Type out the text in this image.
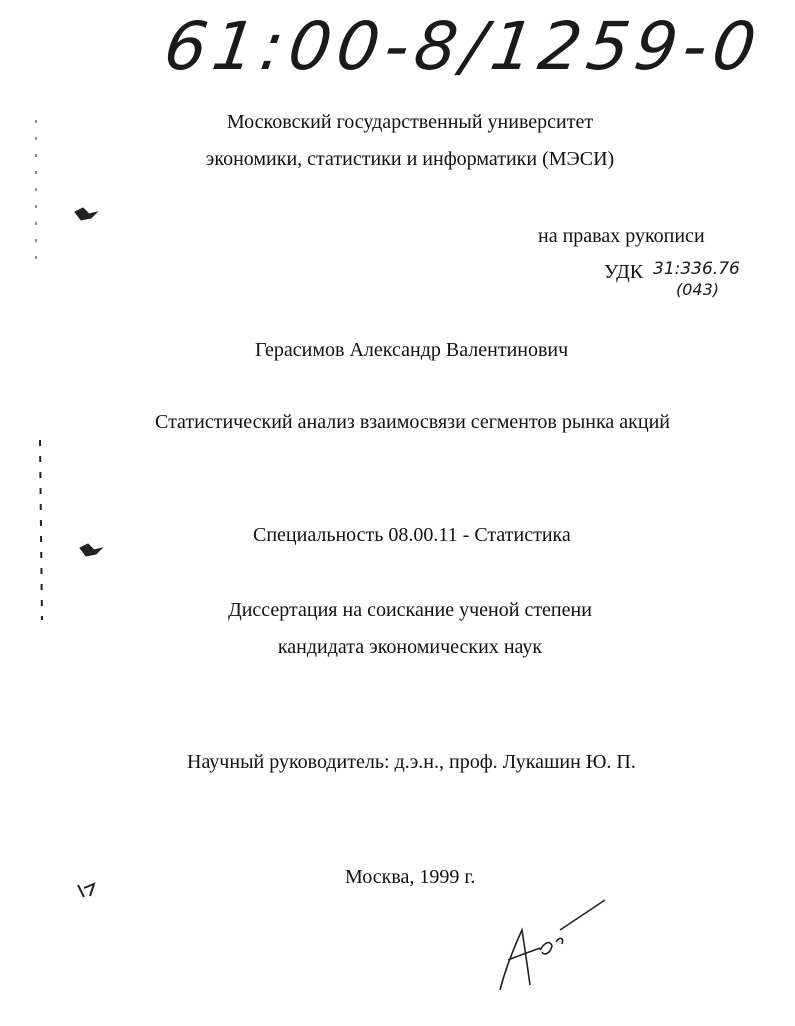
61:00-8/1259-0
Московский государственный университет
экономики, статистики и информатики (МЭСИ)
на правах рукописи
УДК 31:336.76
(043)
Герасимов Александр Валентинович
Статистический анализ взаимосвязи сегментов рынка акций
Специальность 08.00.11 - Статистика
Диссертация на соискание ученой степени
кандидата экономических наук
Научный руководитель: д.э.н., проф. Лукашин Ю. П.
Москва, 1999 г.
